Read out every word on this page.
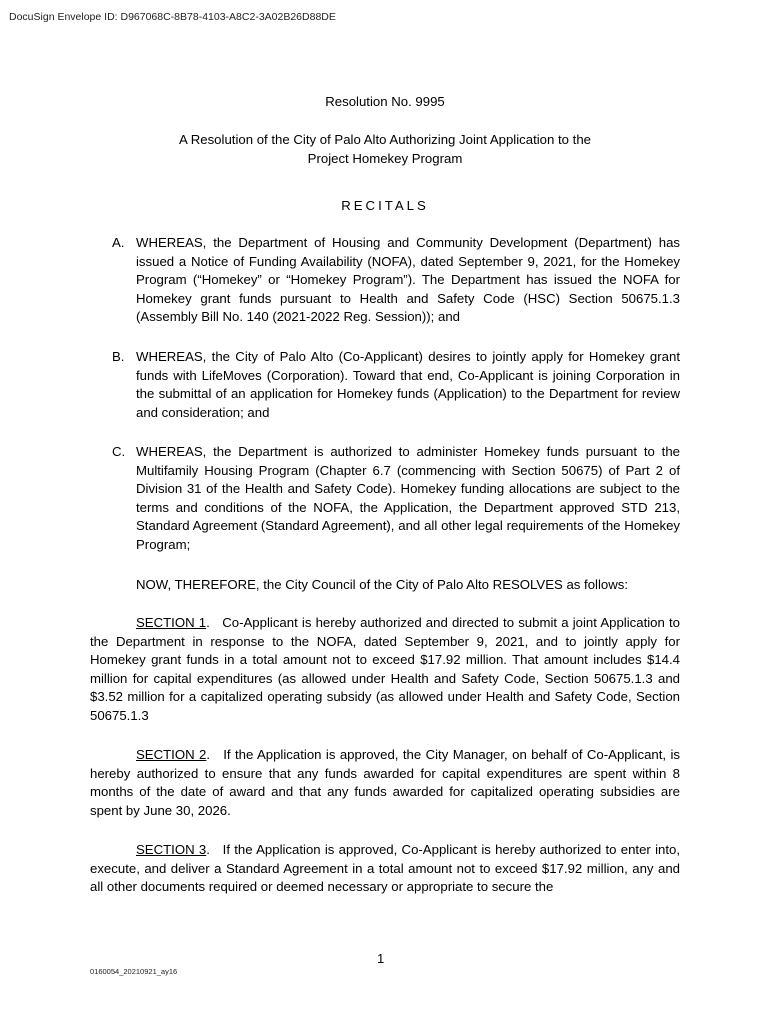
DocuSign Envelope ID: D967068C-8B78-4103-A8C2-3A02B26D88DE
Resolution No. 9995
A Resolution of the City of Palo Alto Authorizing Joint Application to the
Project Homekey Program
RECITALS
A. WHEREAS, the Department of Housing and Community Development (Department) has issued a Notice of Funding Availability (NOFA), dated September 9, 2021, for the Homekey Program (“Homekey” or “Homekey Program”). The Department has issued the NOFA for Homekey grant funds pursuant to Health and Safety Code (HSC) Section 50675.1.3 (Assembly Bill No. 140 (2021-2022 Reg. Session)); and
B. WHEREAS, the City of Palo Alto (Co-Applicant) desires to jointly apply for Homekey grant funds with LifeMoves (Corporation). Toward that end, Co-Applicant is joining Corporation in the submittal of an application for Homekey funds (Application) to the Department for review and consideration; and
C. WHEREAS, the Department is authorized to administer Homekey funds pursuant to the Multifamily Housing Program (Chapter 6.7 (commencing with Section 50675) of Part 2 of Division 31 of the Health and Safety Code). Homekey funding allocations are subject to the terms and conditions of the NOFA, the Application, the Department approved STD 213, Standard Agreement (Standard Agreement), and all other legal requirements of the Homekey Program;
NOW, THEREFORE, the City Council of the City of Palo Alto RESOLVES as follows:
SECTION 1.   Co-Applicant is hereby authorized and directed to submit a joint Application to the Department in response to the NOFA, dated September 9, 2021, and to jointly apply for Homekey grant funds in a total amount not to exceed $17.92 million. That amount includes $14.4 million for capital expenditures (as allowed under Health and Safety Code, Section 50675.1.3 and $3.52 million for a capitalized operating subsidy (as allowed under Health and Safety Code, Section 50675.1.3
SECTION 2.   If the Application is approved, the City Manager, on behalf of Co-Applicant, is hereby authorized to ensure that any funds awarded for capital expenditures are spent within 8 months of the date of award and that any funds awarded for capitalized operating subsidies are spent by June 30, 2026.
SECTION 3.   If the Application is approved, Co-Applicant is hereby authorized to enter into, execute, and deliver a Standard Agreement in a total amount not to exceed $17.92 million, any and all other documents required or deemed necessary or appropriate to secure the
1
0160054_20210921_ay16
